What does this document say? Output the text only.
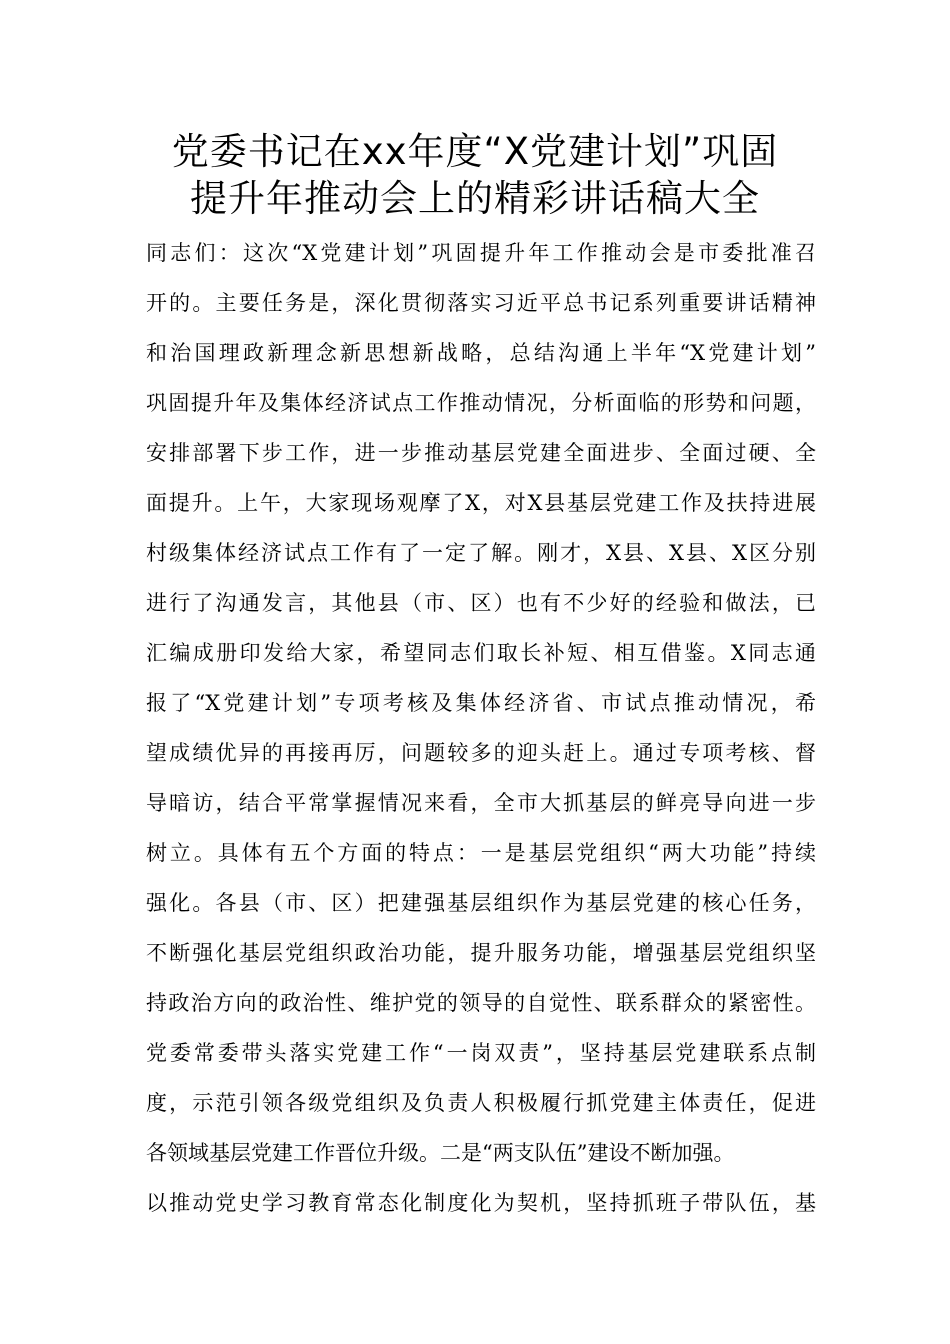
党委书记在xx年度“X党建计划”巩固
提升年推动会上的精彩讲话稿大全
同志们：这次“X党建计划”巩固提升年工作推动会是市委批准召
开的。主要任务是，深化贯彻落实习近平总书记系列重要讲话精神
和治国理政新理念新思想新战略，总结沟通上半年“X党建计划”
巩固提升年及集体经济试点工作推动情况，分析面临的形势和问题，
安排部署下步工作，进一步推动基层党建全面进步、全面过硬、全
面提升。上午，大家现场观摩了X，对X县基层党建工作及扶持进展
村级集体经济试点工作有了一定了解。刚才，X县、X县、X区分别
进行了沟通发言，其他县（市、区）也有不少好的经验和做法，已
汇编成册印发给大家，希望同志们取长补短、相互借鉴。X同志通
报了“X党建计划”专项考核及集体经济省、市试点推动情况，希
望成绩优异的再接再厉，问题较多的迎头赶上。通过专项考核、督
导暗访，结合平常掌握情况来看，全市大抓基层的鲜亮导向进一步
树立。具体有五个方面的特点：一是基层党组织“两大功能”持续
强化。各县（市、区）把建强基层组织作为基层党建的核心任务，
不断强化基层党组织政治功能，提升服务功能，增强基层党组织坚
持政治方向的政治性、维护党的领导的自觉性、联系群众的紧密性。
党委常委带头落实党建工作“一岗双责”，坚持基层党建联系点制
度，示范引领各级党组织及负责人积极履行抓党建主体责任，促进
各领域基层党建工作晋位升级。二是“两支队伍”建设不断加强。
以推动党史学习教育常态化制度化为契机，坚持抓班子带队伍，基
